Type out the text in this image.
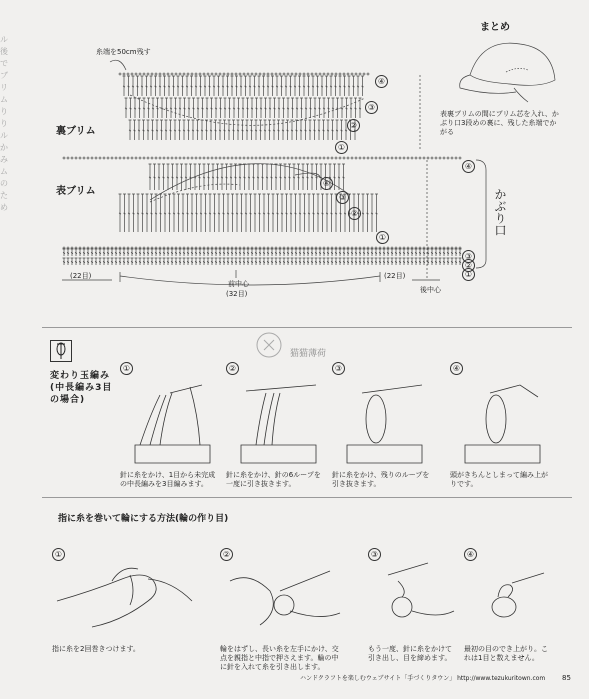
ル後
で
ブリム
りり
ルか
み
ムの
ため
糸端を50cm残す
裏ブリム
表ブリム
④
③
②
①
④
③
②
①
④
③
②
①
かぶり口
(22目)	(22目)
前中心
(32目)	後中心
まとめ
表裏ブリムの間にブリム芯を入れ、かぶり口3段めの裏に、残した糸端でかがる
変わり玉編み
(中長編み3目
の場合)
猫猫薄荷
①
針に糸をかけ、1目から未完成の中長編みを3目編みます。
②
針に糸をかけ、針の6ループを一度に引き抜きます。
③
針に糸をかけ、残りのループを引き抜きます。
④
頭がきちんとしまって編み上がりです。
指に糸を巻いて輪にする方法(輪の作り目)
①
指に糸を2回巻きつけます。
②
輪をはずし、長い糸を左手にかけ、交点を親指と中指で押さえます。輪の中に針を入れて糸を引き出します。
③
もう一度、針に糸をかけて引き出し、目を締めます。
④
最初の目のでき上がり。これは1目と数えません。
ハンドクラフトを楽しむウェブサイト「手づくりタウン」 http://www.tezukuritown.com 85
